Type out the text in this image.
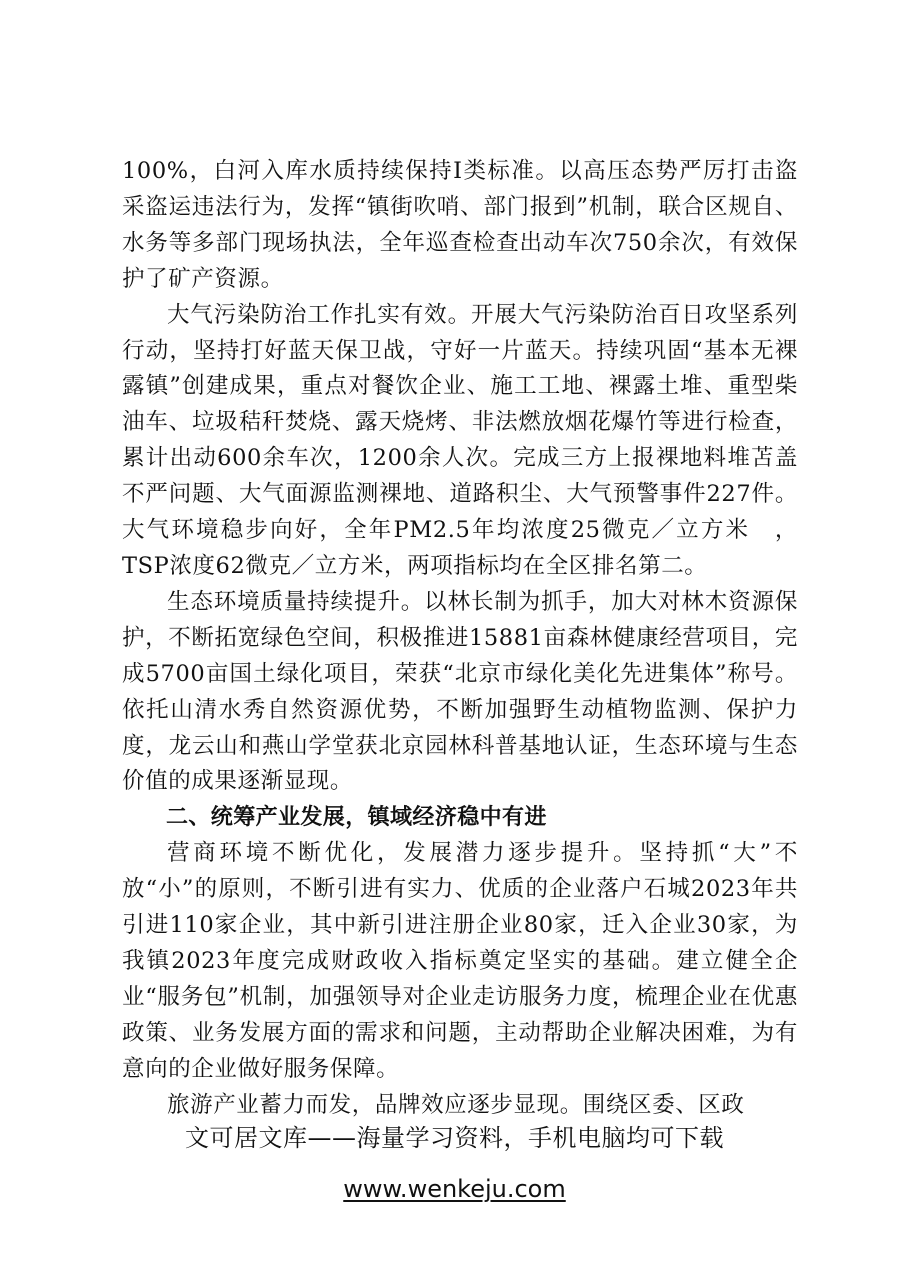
100%，白河入库水质持续保持Ⅰ类标准。以高压态势严厉打击盗采盗运违法行为，发挥“镇街吹哨、部门报到”机制，联合区规自、水务等多部门现场执法，全年巡查检查出动车次750余次，有效保护了矿产资源。

大气污染防治工作扎实有效。开展大气污染防治百日攻坚系列行动，坚持打好蓝天保卫战，守好一片蓝天。持续巩固“基本无裸露镇”创建成果，重点对餐饮企业、施工工地、裸露土堆、重型柴油车、垃圾秸秆焚烧、露天烧烤、非法燃放烟花爆竹等进行检查，累计出动600余车次，1200余人次。完成三方上报裸地料堆苫盖不严问题、大气面源监测裸地、道路积尘、大气预警事件227件。大气环境稳步向好，全年PM2.5年均浓度25微克／立方米　，TSP浓度62微克／立方米，两项指标均在全区排名第二。

生态环境质量持续提升。以林长制为抓手，加大对林木资源保护，不断拓宽绿色空间，积极推进15881亩森林健康经营项目，完成5700亩国土绿化项目，荣获“北京市绿化美化先进集体”称号。依托山清水秀自然资源优势，不断加强野生动植物监测、保护力度，龙云山和燕山学堂获北京园林科普基地认证，生态环境与生态价值的成果逐渐显现。

二、统筹产业发展，镇域经济稳中有进

营商环境不断优化，发展潜力逐步提升。坚持抓“大”不放“小”的原则，不断引进有实力、优质的企业落户石城2023年共引进110家企业，其中新引进注册企业80家，迁入企业30家，为我镇2023年度完成财政收入指标奠定坚实的基础。建立健全企业“服务包”机制，加强领导对企业走访服务力度，梳理企业在优惠政策、业务发展方面的需求和问题，主动帮助企业解决困难，为有意向的企业做好服务保障。

旅游产业蓄力而发，品牌效应逐步显现。围绕区委、区政

文可居文库——海量学习资料，手机电脑均可下载
www.wenkeju.com
